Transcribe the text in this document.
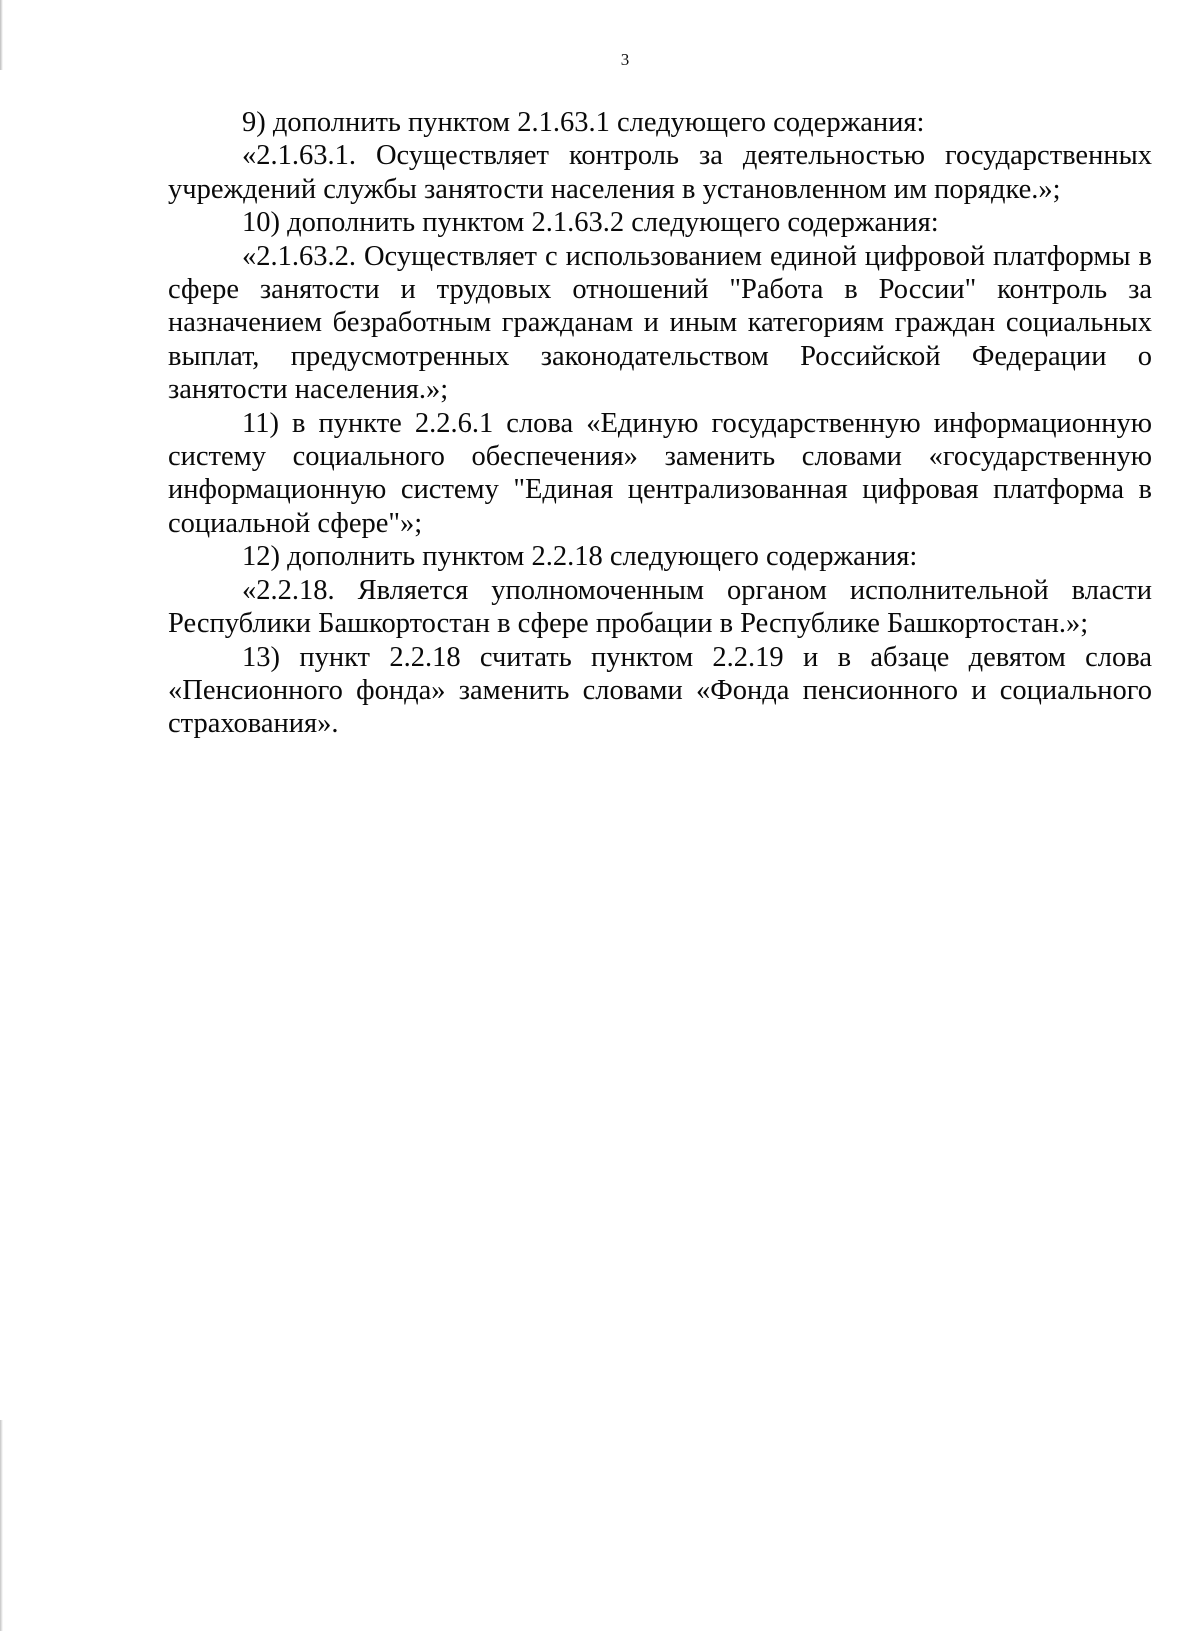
3

9) дополнить пунктом 2.1.63.1 следующего содержания:

«2.1.63.1. Осуществляет контроль за деятельностью государственных учреждений службы занятости населения в установленном им порядке.»;

10) дополнить пунктом 2.1.63.2 следующего содержания:

«2.1.63.2. Осуществляет с использованием единой цифровой платформы в сфере занятости и трудовых отношений "Работа в России" контроль за назначением безработным гражданам и иным категориям граждан социальных выплат, предусмотренных законодательством Российской Федерации о занятости населения.»;

11) в пункте 2.2.6.1 слова «Единую государственную информационную систему социального обеспечения» заменить словами «государственную информационную систему "Единая централизованная цифровая платформа в социальной сфере"»;

12) дополнить пунктом 2.2.18 следующего содержания:

«2.2.18. Является уполномоченным органом исполнительной власти Республики Башкортостан в сфере пробации в Республике Башкортостан.»;

13) пункт 2.2.18 считать пунктом 2.2.19 и в абзаце девятом слова «Пенсионного фонда» заменить словами «Фонда пенсионного и социального страхования».
